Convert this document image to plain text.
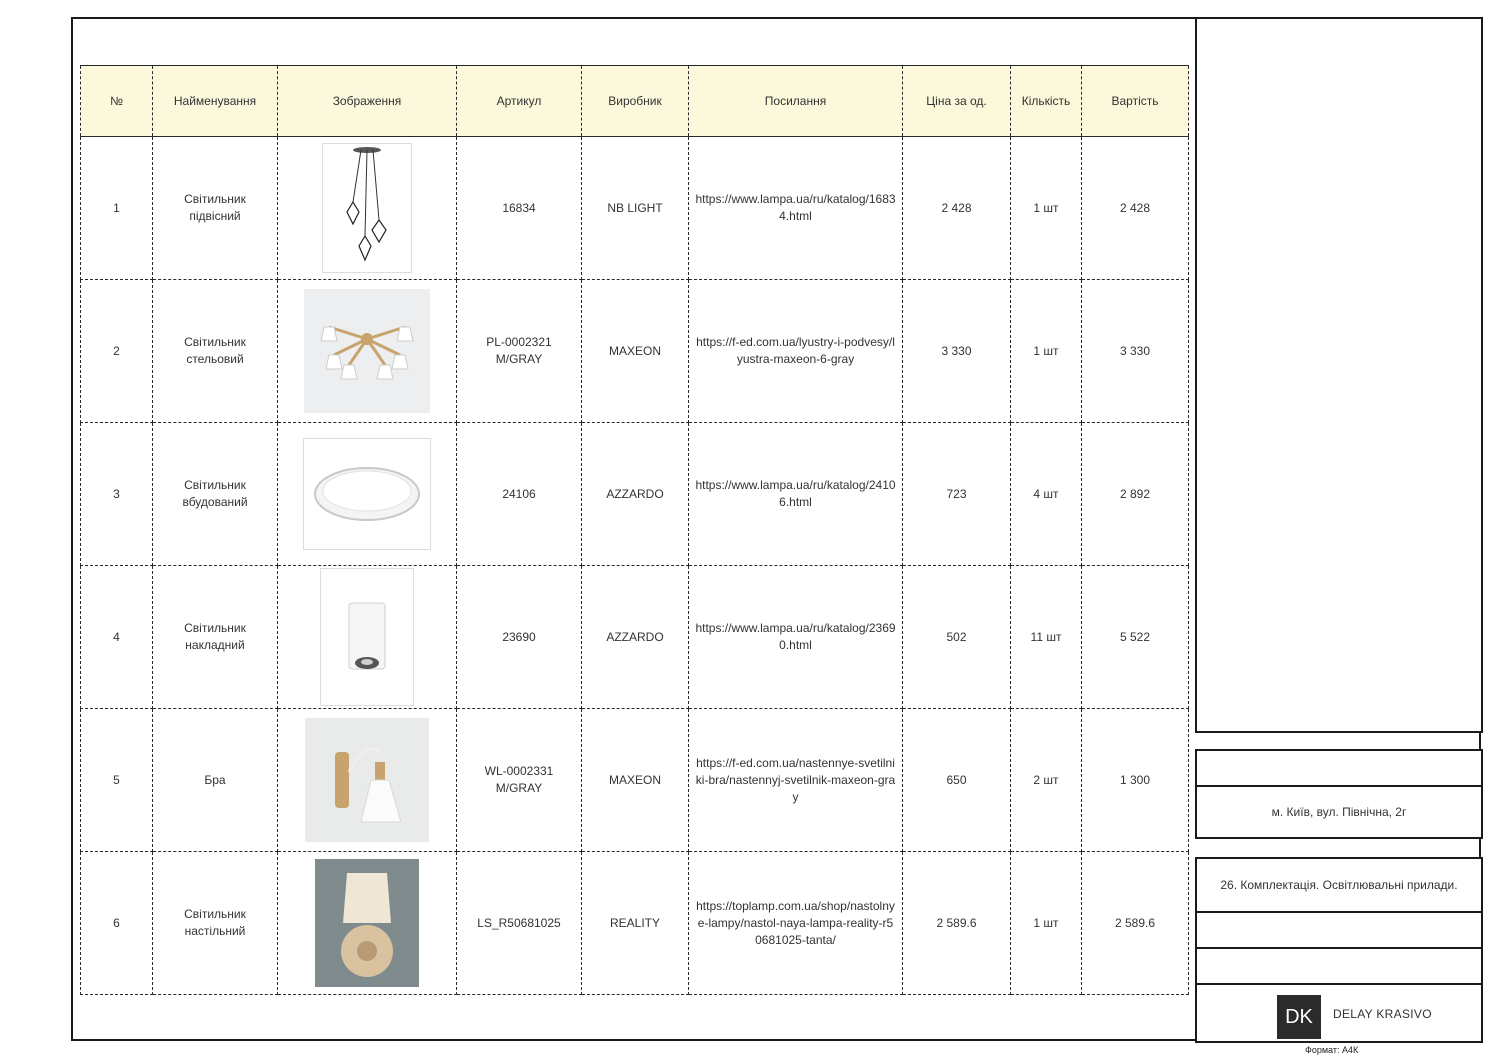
№	Найменування	Зображення	Артикул	Виробник	Посилання	Ціна за од.	Кількість	Вартість
1	Світильник підвісний		16834	NB LIGHT	https://www.lampa.ua/ru/katalog/16834.html	2 428	1 шт	2 428
2	Світильник стельовий		PL-0002321 M/GRAY	MAXEON	https://f-ed.com.ua/lyustry-i-podvesy/lyustra-maxeon-6-gray	3 330	1 шт	3 330
3	Світильник вбудований		24106	AZZARDO	https://www.lampa.ua/ru/katalog/24106.html	723	4 шт	2 892
4	Світильник накладний		23690	AZZARDO	https://www.lampa.ua/ru/katalog/23690.html	502	11 шт	5 522
5	Бра		WL-0002331 M/GRAY	MAXEON	https://f-ed.com.ua/nastennye-svetilniki-bra/nastennyj-svetilnik-maxeon-gray	650	2 шт	1 300
6	Світильник настільний		LS_R50681025	REALITY	https://toplamp.com.ua/shop/nastolnye-lampy/nastol-naya-lampa-reality-r50681025-tanta/	2 589.6	1 шт	2 589.6
м. Київ, вул. Північна, 2г
26. Комплектація. Освітлювальні прилади.
DK	DELAY KRASIVO
Формат: А4К
